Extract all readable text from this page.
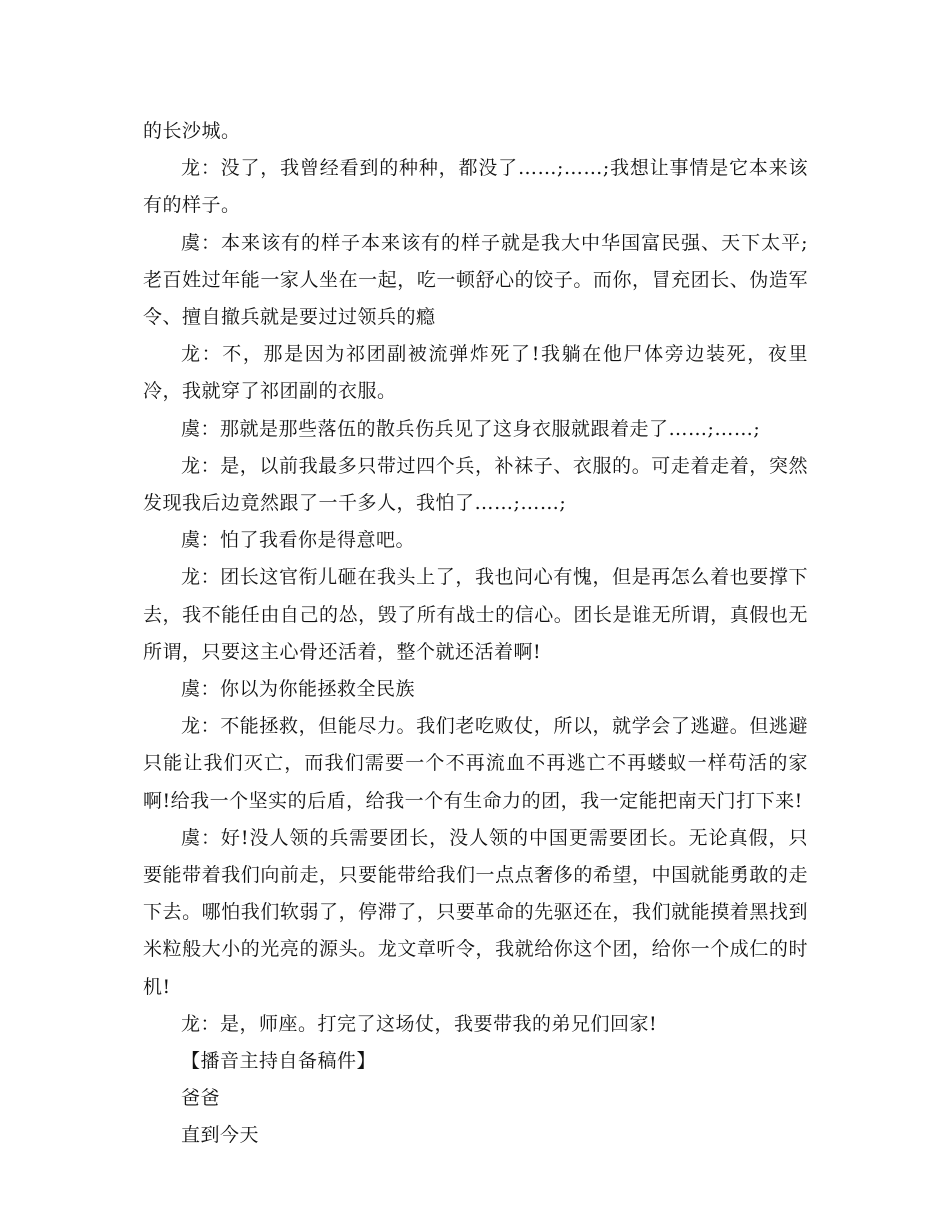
的长沙城。

龙：没了，我曾经看到的种种，都没了……;……;我想让事情是它本来该有的样子。

虞：本来该有的样子本来该有的样子就是我大中华国富民强、天下太平;老百姓过年能一家人坐在一起，吃一顿舒心的饺子。而你，冒充团长、伪造军令、擅自撤兵就是要过过领兵的瘾

龙：不，那是因为祁团副被流弹炸死了!我躺在他尸体旁边装死，夜里冷，我就穿了祁团副的衣服。

虞：那就是那些落伍的散兵伤兵见了这身衣服就跟着走了……;……;

龙：是，以前我最多只带过四个兵，补袜子、衣服的。可走着走着，突然发现我后边竟然跟了一千多人，我怕了……;……;

虞：怕了我看你是得意吧。

龙：团长这官衔儿砸在我头上了，我也问心有愧，但是再怎么着也要撑下去，我不能任由自己的怂，毁了所有战士的信心。团长是谁无所谓，真假也无所谓，只要这主心骨还活着，整个就还活着啊!

虞：你以为你能拯救全民族

龙：不能拯救，但能尽力。我们老吃败仗，所以，就学会了逃避。但逃避只能让我们灭亡，而我们需要一个不再流血不再逃亡不再蝼蚁一样苟活的家啊!给我一个坚实的后盾，给我一个有生命力的团，我一定能把南天门打下来!

虞：好!没人领的兵需要团长，没人领的中国更需要团长。无论真假，只要能带着我们向前走，只要能带给我们一点点奢侈的希望，中国就能勇敢的走下去。哪怕我们软弱了，停滞了，只要革命的先驱还在，我们就能摸着黑找到米粒般大小的光亮的源头。龙文章听令，我就给你这个团，给你一个成仁的时机!

龙：是，师座。打完了这场仗，我要带我的弟兄们回家!

【播音主持自备稿件】

爸爸

直到今天
